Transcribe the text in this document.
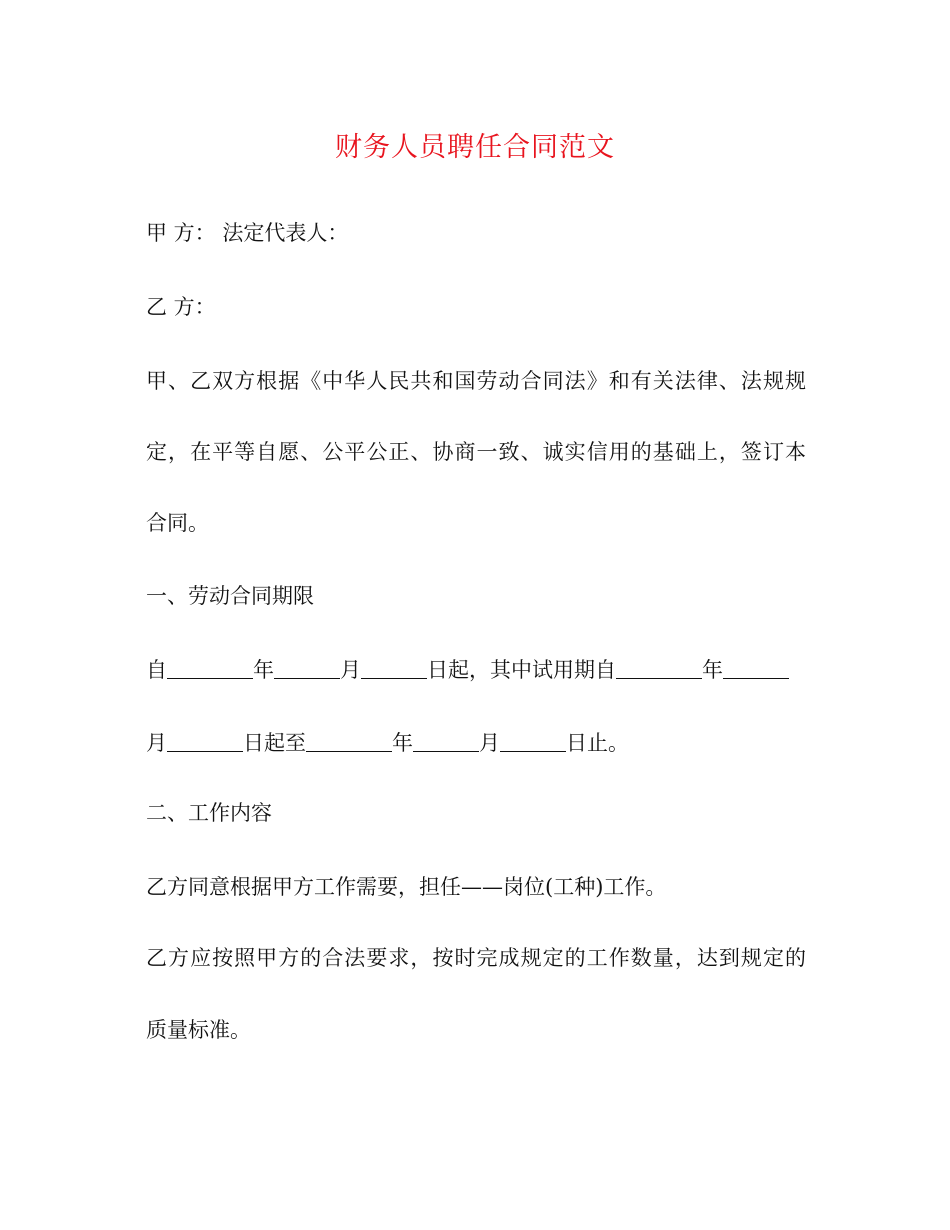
财务人员聘任合同范文
甲 方： 法定代表人：
乙 方：
甲、乙双方根据《中华人民共和国劳动合同法》和有关法律、法规规
定，在平等自愿、公平公正、协商一致、诚实信用的基础上，签订本
合同。
一、劳动合同期限
自	年	月	日起，其中试用期自	年
月	日起至	年	月	日止。
二、工作内容
乙方同意根据甲方工作需要，担任——岗位(工种)工作。
乙方应按照甲方的合法要求，按时完成规定的工作数量，达到规定的
质量标准。
